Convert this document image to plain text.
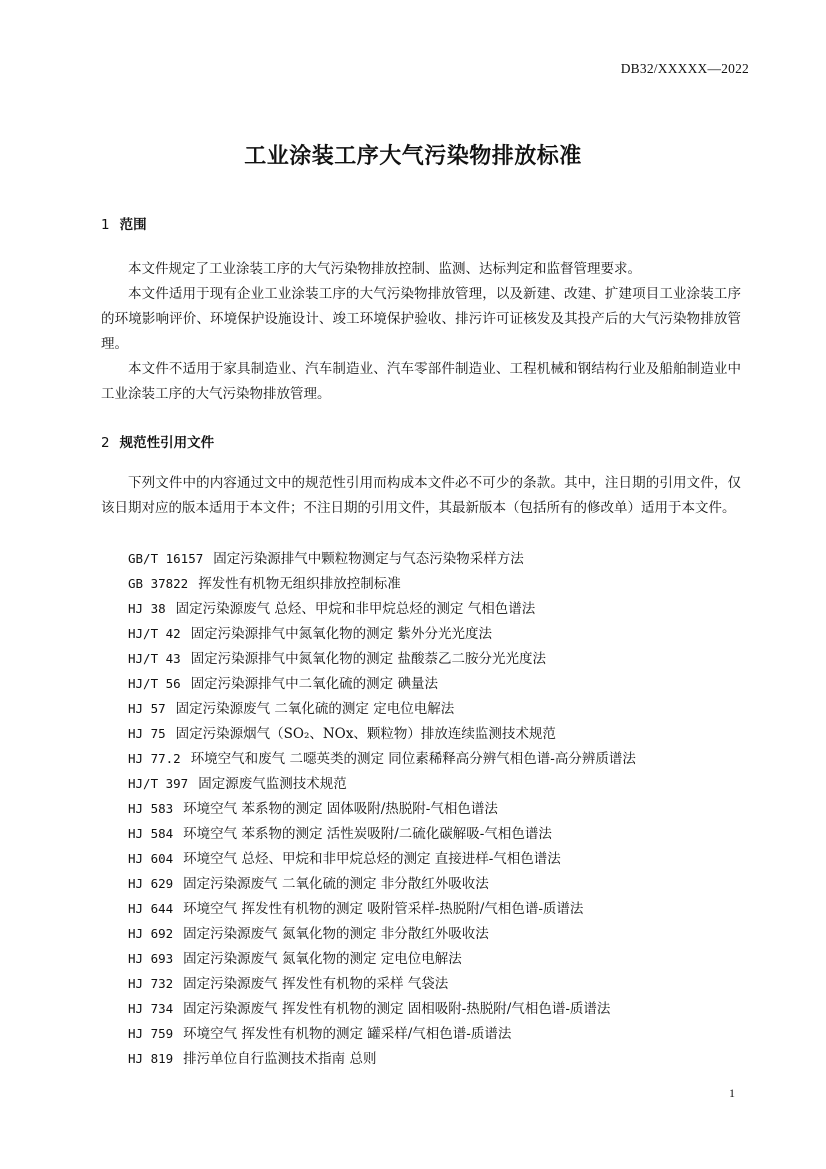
DB32/XXXXX—2022
工业涂装工序大气污染物排放标准
1 范围

本文件规定了工业涂装工序的大气污染物排放控制、监测、达标判定和监督管理要求。

本文件适用于现有企业工业涂装工序的大气污染物排放管理，以及新建、改建、扩建项目工业涂装工序的环境影响评价、环境保护设施设计、竣工环境保护验收、排污许可证核发及其投产后的大气污染物排放管理。

本文件不适用于家具制造业、汽车制造业、汽车零部件制造业、工程机械和钢结构行业及船舶制造业中工业涂装工序的大气污染物排放管理。

2 规范性引用文件

下列文件中的内容通过文中的规范性引用而构成本文件必不可少的条款。其中，注日期的引用文件，仅该日期对应的版本适用于本文件；不注日期的引用文件，其最新版本（包括所有的修改单）适用于本文件。

GB/T 16157 固定污染源排气中颗粒物测定与气态污染物采样方法
GB 37822 挥发性有机物无组织排放控制标准
HJ 38 固定污染源废气 总烃、甲烷和非甲烷总烃的测定 气相色谱法
HJ/T 42 固定污染源排气中氮氧化物的测定 紫外分光光度法
HJ/T 43 固定污染源排气中氮氧化物的测定 盐酸萘乙二胺分光光度法
HJ/T 56 固定污染源排气中二氧化硫的测定 碘量法
HJ 57 固定污染源废气 二氧化硫的测定 定电位电解法
HJ 75 固定污染源烟气（SO₂、NOx、颗粒物）排放连续监测技术规范
HJ 77.2 环境空气和废气 二噁英类的测定 同位素稀释高分辨气相色谱-高分辨质谱法
HJ/T 397 固定源废气监测技术规范
HJ 583 环境空气 苯系物的测定 固体吸附/热脱附-气相色谱法
HJ 584 环境空气 苯系物的测定 活性炭吸附/二硫化碳解吸-气相色谱法
HJ 604 环境空气 总烃、甲烷和非甲烷总烃的测定 直接进样-气相色谱法
HJ 629 固定污染源废气 二氧化硫的测定 非分散红外吸收法
HJ 644 环境空气 挥发性有机物的测定 吸附管采样-热脱附/气相色谱-质谱法
HJ 692 固定污染源废气 氮氧化物的测定 非分散红外吸收法
HJ 693 固定污染源废气 氮氧化物的测定 定电位电解法
HJ 732 固定污染源废气 挥发性有机物的采样 气袋法
HJ 734 固定污染源废气 挥发性有机物的测定 固相吸附-热脱附/气相色谱-质谱法
HJ 759 环境空气 挥发性有机物的测定 罐采样/气相色谱-质谱法
HJ 819 排污单位自行监测技术指南 总则
1
